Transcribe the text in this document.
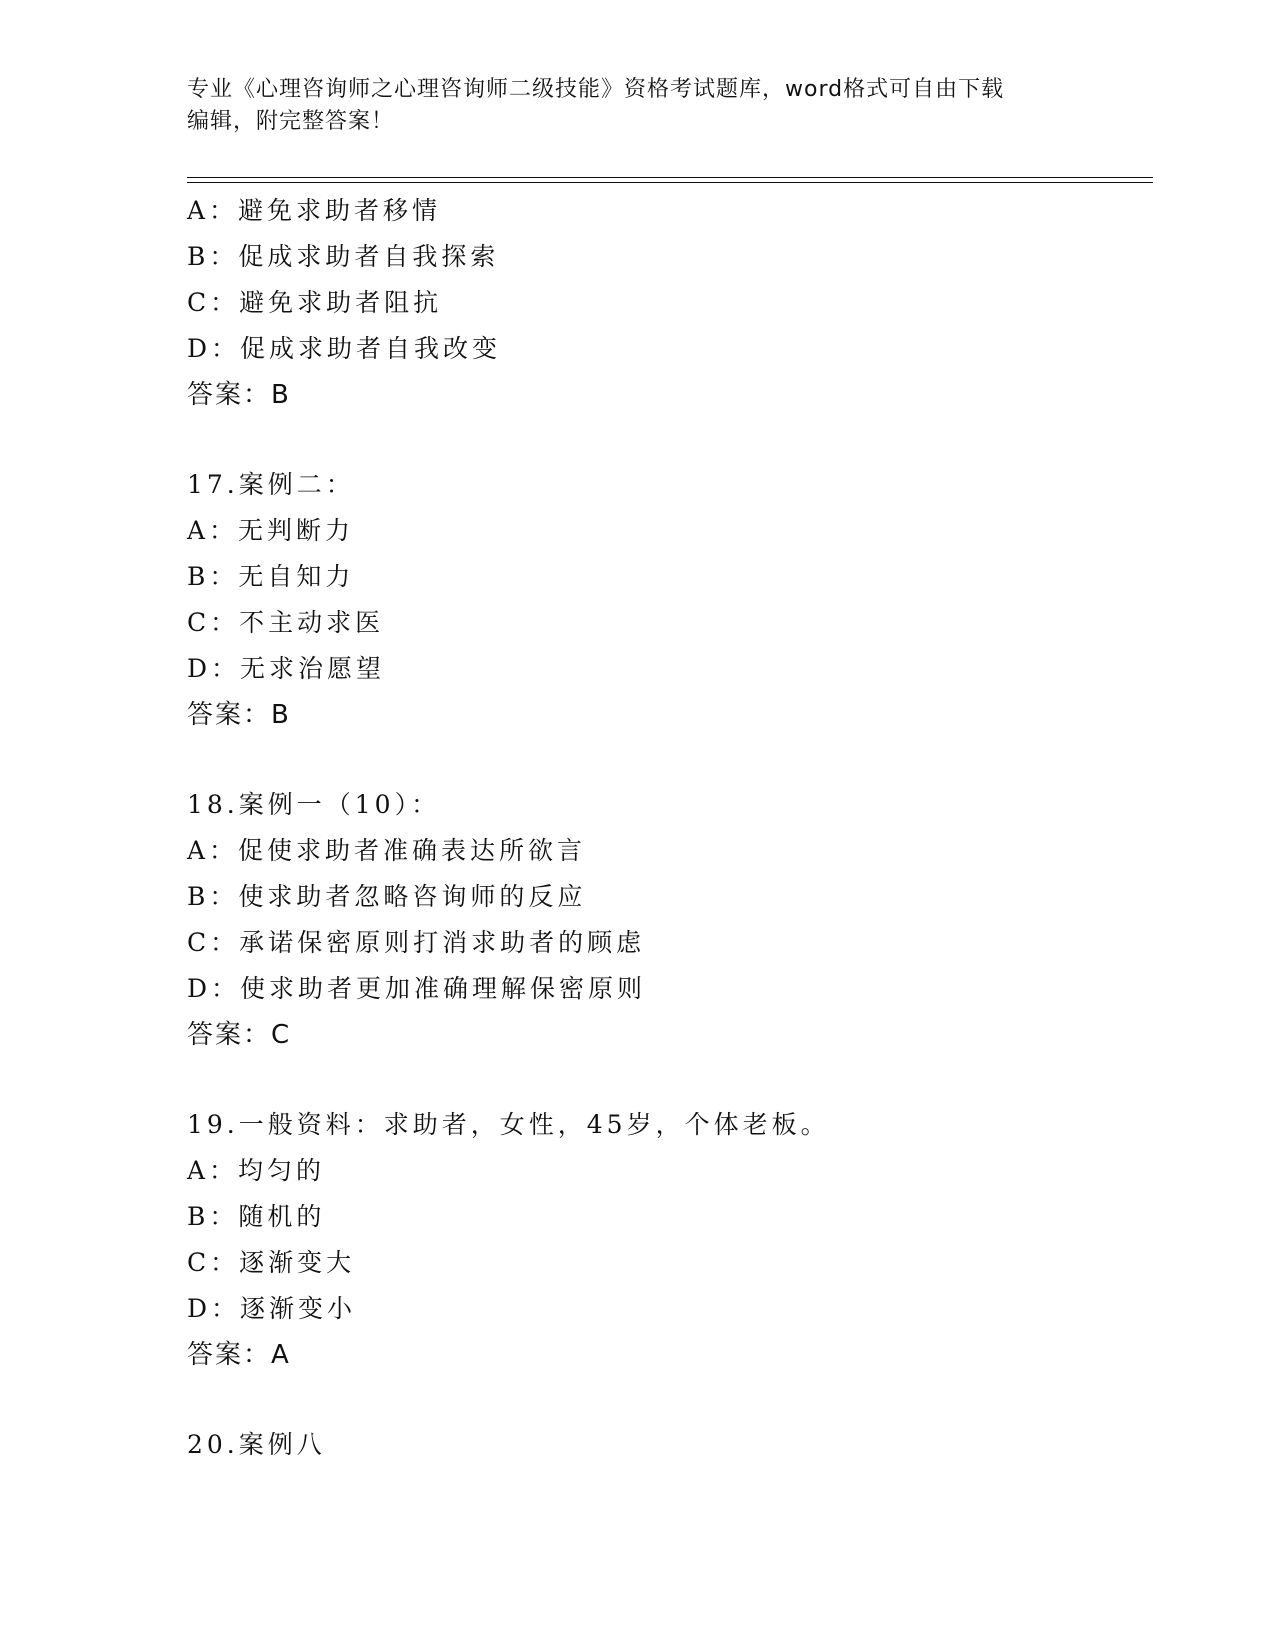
专业《心理咨询师之心理咨询师二级技能》资格考试题库，word格式可自由下载
编辑，附完整答案！
A：避免求助者移情
B：促成求助者自我探索
C：避免求助者阻抗
D：促成求助者自我改变
答案：B
17.案例二：
A：无判断力
B：无自知力
C：不主动求医
D：无求治愿望
答案：B
18.案例一（10）：
A：促使求助者准确表达所欲言
B：使求助者忽略咨询师的反应
C：承诺保密原则打消求助者的顾虑
D：使求助者更加准确理解保密原则
答案：C
19.一般资料：求助者，女性，45岁，个体老板。
A：均匀的
B：随机的
C：逐渐变大
D：逐渐变小
答案：A
20.案例八
